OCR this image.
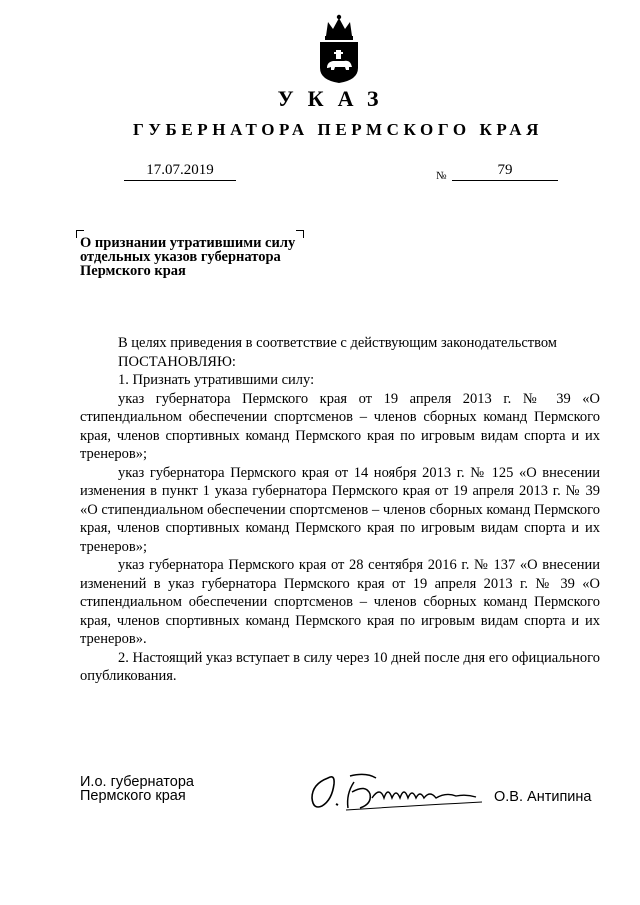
УКАЗ
ГУБЕРНАТОРА ПЕРМСКОГО КРАЯ
17.07.2019	№	79
О признании утратившими силу
отдельных указов губернатора
Пермского края

В целях приведения в соответствие с действующим законодательством

ПОСТАНОВЛЯЮ:

1. Признать утратившими силу:

указ губернатора Пермского края от 19 апреля 2013 г. № 39 «О стипендиальном обеспечении спортсменов – членов сборных команд Пермского края, членов спортивных команд Пермского края по игровым видам спорта и их тренеров»;

указ губернатора Пермского края от 14 ноября 2013 г. № 125 «О внесении изменения в пункт 1 указа губернатора Пермского края от 19 апреля 2013 г. № 39 «О стипендиальном обеспечении спортсменов – членов сборных команд Пермского края, членов спортивных команд Пермского края по игровым видам спорта и их тренеров»;

указ губернатора Пермского края от 28 сентября 2016 г. № 137 «О внесении изменений в указ губернатора Пермского края от 19 апреля 2013 г. № 39 «О стипендиальном обеспечении спортсменов – членов сборных команд Пермского края, членов спортивных команд Пермского края по игровым видам спорта и их тренеров».

2. Настоящий указ вступает в силу через 10 дней после дня его официального опубликования.

И.о. губернатора
Пермского края	О.В. Антипина
